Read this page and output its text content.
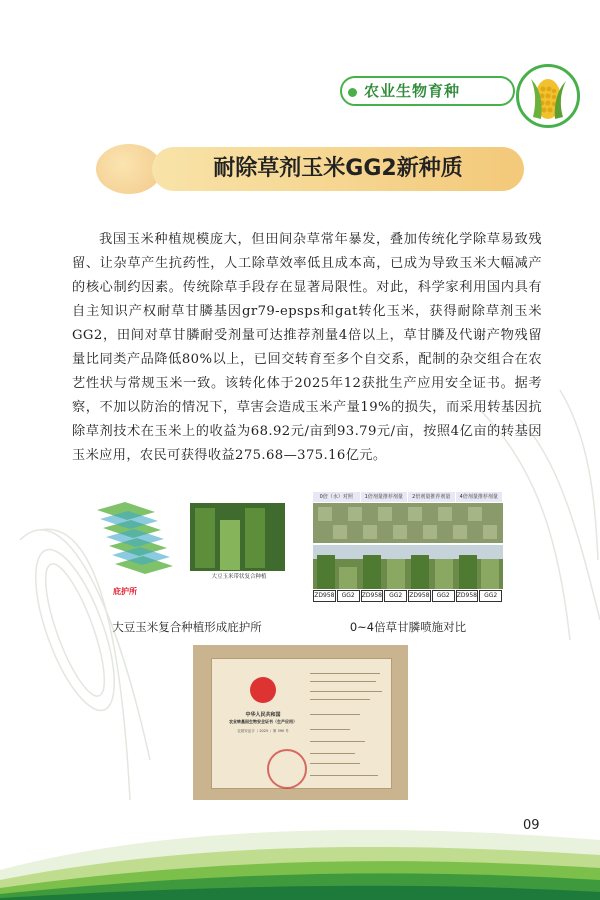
农业生物育种
耐除草剂玉米GG2新种质
我国玉米种植规模庞大，但田间杂草常年暴发，叠加传统化学除草易致残留、让杂草产生抗药性，人工除草效率低且成本高，已成为导致玉米大幅减产的核心制约因素。传统除草手段存在显著局限性。对此，科学家利用国内具有自主知识产权耐草甘膦基因gr79-epsps和gat转化玉米，获得耐除草剂玉米GG2，田间对草甘膦耐受剂量可达推荐剂量4倍以上，草甘膦及代谢产物残留量比同类产品降低80%以上，已回交转育至多个自交系，配制的杂交组合在农艺性状与常规玉米一致。该转化体于2025年12获批生产应用安全证书。据考察，不加以防治的情况下，草害会造成玉米产量19%的损失，而采用转基因抗除草剂技术在玉米上的收益为68.92元/亩到93.79元/亩，按照4亿亩的转基因玉米应用，农民可获得收益275.68—375.16亿元。
庇护所
大豆玉米带状复合种植
大豆玉米复合种植形成庇护所
0倍（水）对照	1倍剂量推荐剂量	2倍剂量推荐剂量	4倍剂量推荐剂量
ZD958	GG2	ZD958	GG2	ZD958	GG2	ZD958	GG2
0~4倍草甘膦喷施对比
中华人民共和国
农业转基因生物安全证书（生产应用）
农基安证字（ 2025 ）第 390 号
09
